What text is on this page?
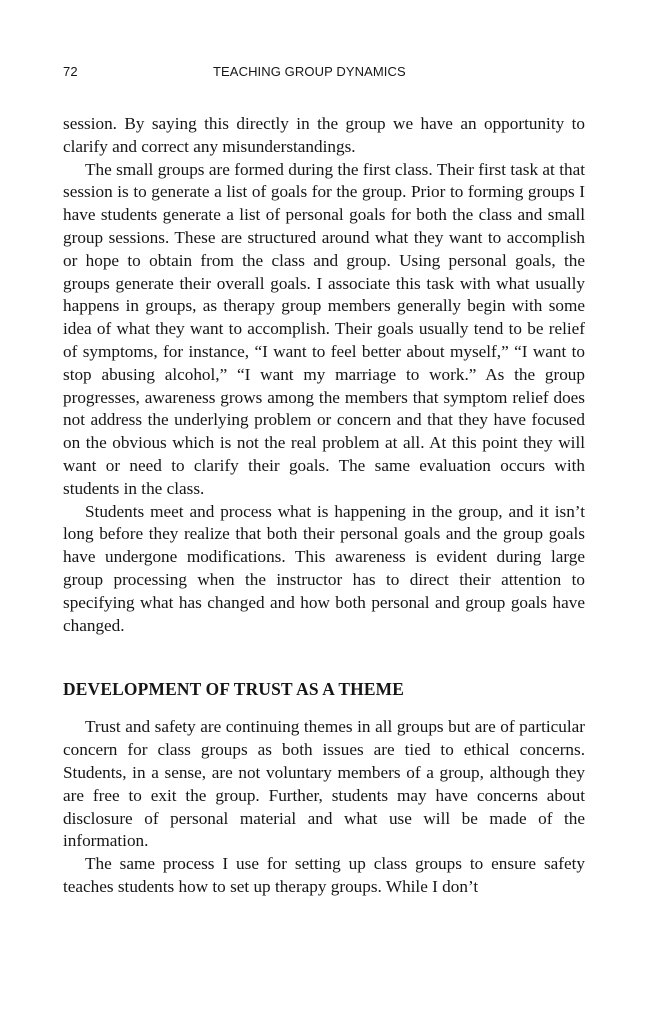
72	TEACHING GROUP DYNAMICS

session. By saying this directly in the group we have an opportunity to clarify and correct any misunderstandings.

The small groups are formed during the first class. Their first task at that session is to generate a list of goals for the group. Prior to forming groups I have students generate a list of personal goals for both the class and small group sessions. These are structured around what they want to accomplish or hope to obtain from the class and group. Using personal goals, the groups generate their overall goals. I associate this task with what usually happens in groups, as therapy group members generally begin with some idea of what they want to accomplish. Their goals usually tend to be relief of symptoms, for instance, “I want to feel better about myself,” “I want to stop abusing alcohol,” “I want my marriage to work.” As the group progresses, awareness grows among the members that symptom relief does not address the underlying problem or concern and that they have focused on the obvious which is not the real problem at all. At this point they will want or need to clarify their goals. The same evaluation occurs with students in the class.

Students meet and process what is happening in the group, and it isn’t long before they realize that both their personal goals and the group goals have undergone modifications. This awareness is evident during large group processing when the instructor has to direct their attention to specifying what has changed and how both personal and group goals have changed.

DEVELOPMENT OF TRUST AS A THEME

Trust and safety are continuing themes in all groups but are of particular concern for class groups as both issues are tied to ethical concerns. Students, in a sense, are not voluntary members of a group, although they are free to exit the group. Further, students may have concerns about disclosure of personal material and what use will be made of the information.

The same process I use for setting up class groups to ensure safety teaches students how to set up therapy groups. While I don’t
